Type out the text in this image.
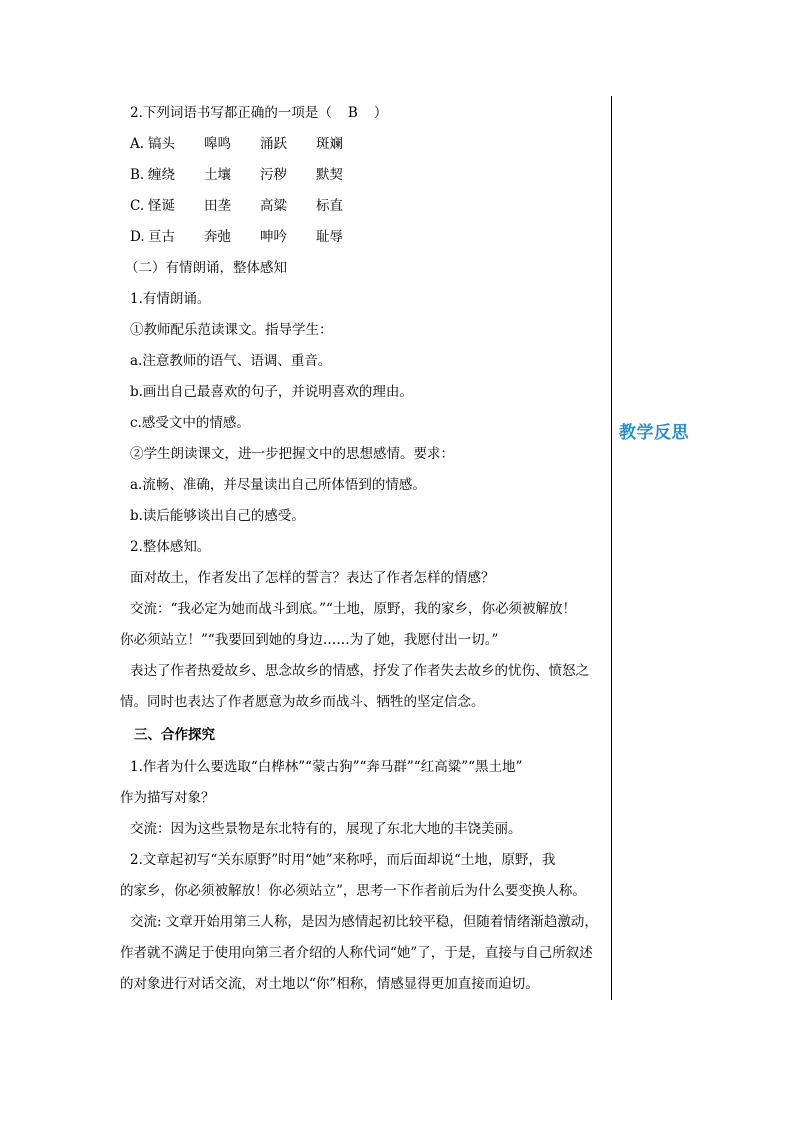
2.下列词语书写都正确的一项是（ B ）
A. 镐头 嗥鸣 涌跃 斑斓
B. 缠绕 土壤 污秽 默契
C. 怪诞 田垄 高粱 标直
D. 亘古 奔弛 呻吟 耻辱
（二）有情朗诵，整体感知
1.有情朗诵。
①教师配乐范读课文。指导学生：
a.注意教师的语气、语调、重音。
b.画出自己最喜欢的句子，并说明喜欢的理由。
c.感受文中的情感。
②学生朗读课文，进一步把握文中的思想感情。要求：
a.流畅、准确，并尽量读出自己所体悟到的情感。
b.读后能够谈出自己的感受。
2.整体感知。
面对故土，作者发出了怎样的誓言？表达了作者怎样的情感？
交流：“我必定为她而战斗到底。”“土地，原野，我的家乡，你必须被解放！
你必须站立！”“我要回到她的身边……为了她，我愿付出一切。”
表达了作者热爱故乡、思念故乡的情感，抒发了作者失去故乡的忧伤、愤怒之
情。同时也表达了作者愿意为故乡而战斗、牺牲的坚定信念。
三、合作探究
1.作者为什么要选取“白桦林”“蒙古狗”“奔马群”“红高粱”“黑土地”
作为描写对象？
交流：因为这些景物是东北特有的，展现了东北大地的丰饶美丽。
2.文章起初写“关东原野”时用“她”来称呼，而后面却说“土地，原野，我
的家乡，你必须被解放！你必须站立”，思考一下作者前后为什么要变换人称。
交流: 文章开始用第三人称，是因为感情起初比较平稳，但随着情绪渐趋激动，
作者就不满足于使用向第三者介绍的人称代词“她”了，于是，直接与自己所叙述
的对象进行对话交流，对土地以“你”相称，情感显得更加直接而迫切。
教学反思
